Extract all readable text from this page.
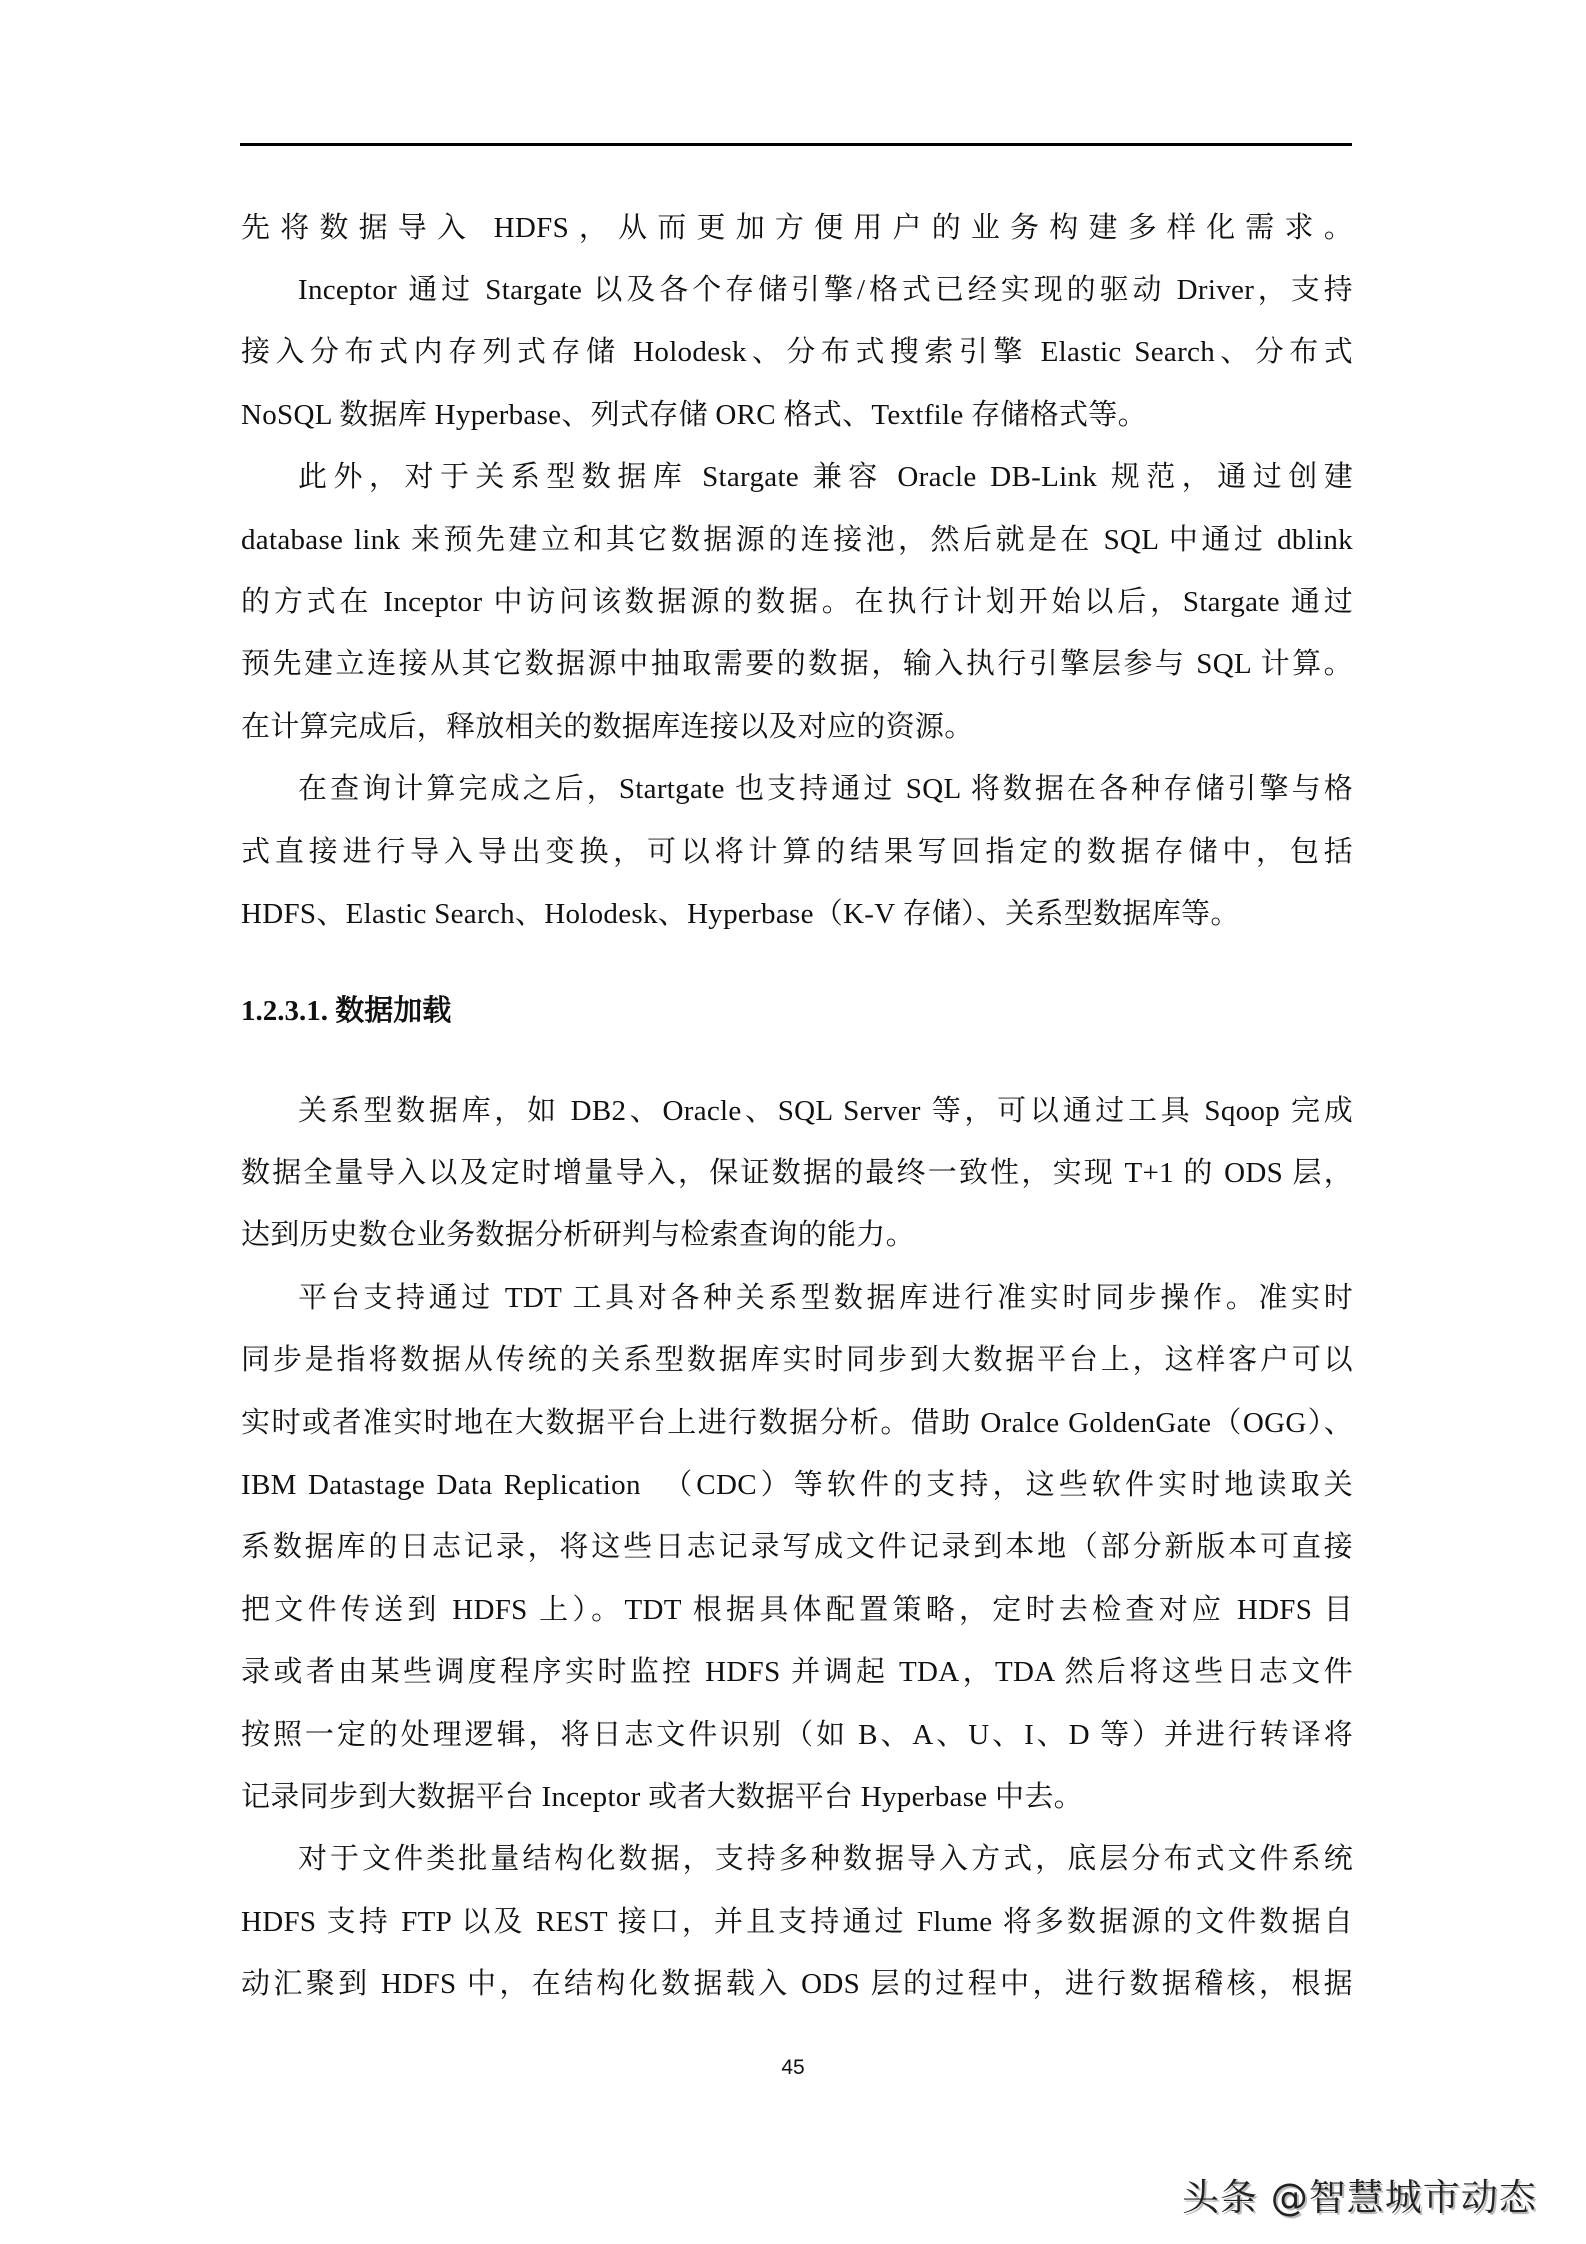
先将数据导入 HDFS，从而更加方便用户的业务构建多样化需求。
Inceptor 通过 Stargate 以及各个存储引擎/格式已经实现的驱动 Driver，支持
接入分布式内存列式存储 Holodesk、分布式搜索引擎 Elastic Search、分布式
NoSQL 数据库 Hyperbase、列式存储 ORC 格式、Textfile 存储格式等。
此外，对于关系型数据库 Stargate 兼容 Oracle DB-Link 规范，通过创建
database link 来预先建立和其它数据源的连接池，然后就是在 SQL 中通过 dblink
的方式在 Inceptor 中访问该数据源的数据。在执行计划开始以后，Stargate 通过
预先建立连接从其它数据源中抽取需要的数据，输入执行引擎层参与 SQL 计算。
在计算完成后，释放相关的数据库连接以及对应的资源。
在查询计算完成之后，Startgate 也支持通过 SQL 将数据在各种存储引擎与格
式直接进行导入导出变换，可以将计算的结果写回指定的数据存储中，包括
HDFS、Elastic Search、Holodesk、Hyperbase（K-V 存储）、关系型数据库等。
1.2.3.1. 数据加载
关系型数据库，如 DB2、Oracle、SQL Server 等，可以通过工具 Sqoop 完成
数据全量导入以及定时增量导入，保证数据的最终一致性，实现 T+1 的 ODS 层，
达到历史数仓业务数据分析研判与检索查询的能力。
平台支持通过 TDT 工具对各种关系型数据库进行准实时同步操作。准实时
同步是指将数据从传统的关系型数据库实时同步到大数据平台上，这样客户可以
实时或者准实时地在大数据平台上进行数据分析。借助 Oralce GoldenGate（OGG）、
IBM Datastage Data Replication　（CDC）等软件的支持，这些软件实时地读取关
系数据库的日志记录，将这些日志记录写成文件记录到本地（部分新版本可直接
把文件传送到 HDFS 上）。TDT 根据具体配置策略，定时去检查对应 HDFS 目
录或者由某些调度程序实时监控 HDFS 并调起 TDA，TDA 然后将这些日志文件
按照一定的处理逻辑，将日志文件识别（如 B、A、U、I、D 等）并进行转译将
记录同步到大数据平台 Inceptor 或者大数据平台 Hyperbase 中去。
对于文件类批量结构化数据，支持多种数据导入方式，底层分布式文件系统
HDFS 支持 FTP 以及 REST 接口，并且支持通过 Flume 将多数据源的文件数据自
动汇聚到 HDFS 中，在结构化数据载入 ODS 层的过程中，进行数据稽核，根据
45
头条 @智慧城市动态
